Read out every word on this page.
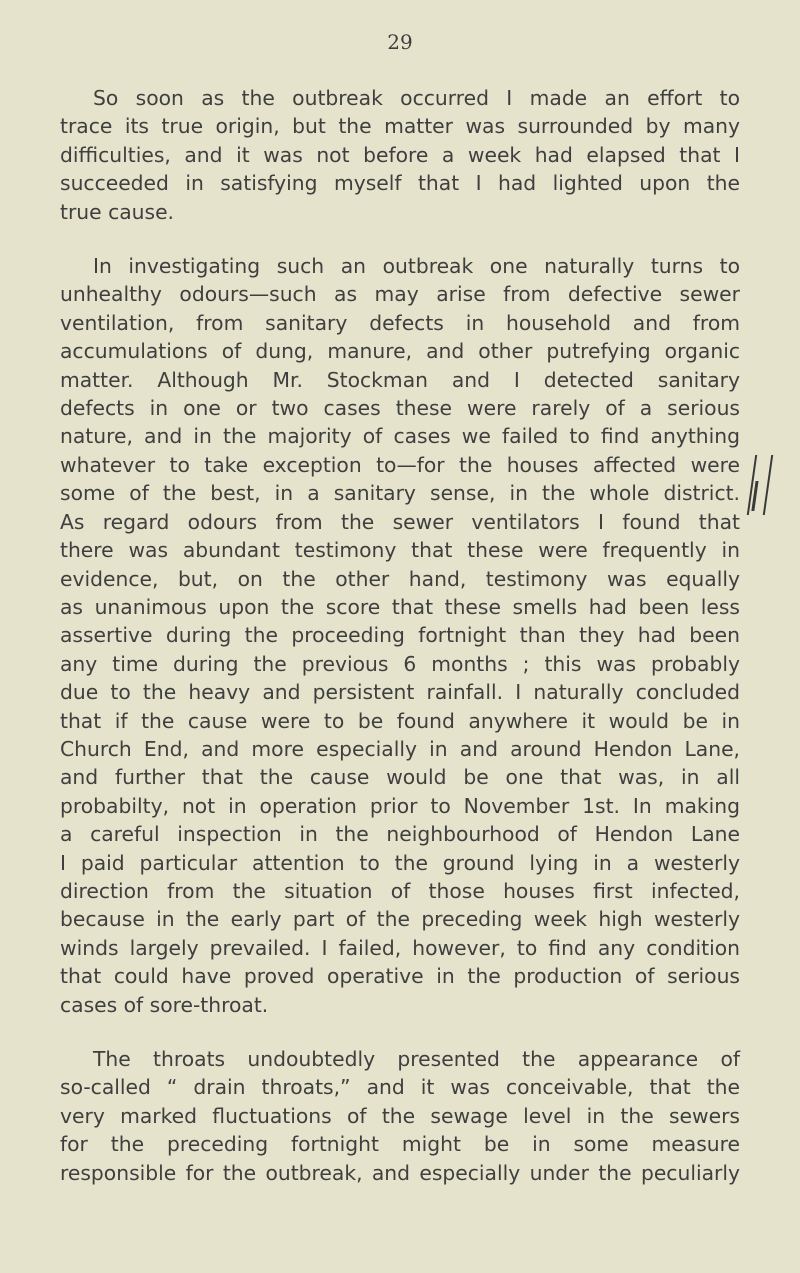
29

So soon as the outbreak occurred I made an effort to
trace its true origin, but the matter was surrounded by many
difficulties, and it was not before a week had elapsed that I
succeeded in satisfying myself that I had lighted upon the
true cause.

In investigating such an outbreak one naturally turns to
unhealthy odours—such as may arise from defective sewer
ventilation, from sanitary defects in household and from
accumulations of dung, manure, and other putrefying organic
matter. Although Mr. Stockman and I detected sanitary
defects in one or two cases these were rarely of a serious
nature, and in the majority of cases we failed to find anything
whatever to take exception to—for the houses affected were
some of the best, in a sanitary sense, in the whole district.
As regard odours from the sewer ventilators I found that
there was abundant testimony that these were frequently in
evidence, but, on the other hand, testimony was equally
as unanimous upon the score that these smells had been less
assertive during the proceeding fortnight than they had been
any time during the previous 6 months ; this was probably
due to the heavy and persistent rainfall. I naturally concluded
that if the cause were to be found anywhere it would be in
Church End, and more especially in and around Hendon Lane,
and further that the cause would be one that was, in all
probabilty, not in operation prior to November 1st. In making
a careful inspection in the neighbourhood of Hendon Lane
I paid particular attention to the ground lying in a westerly
direction from the situation of those houses first infected,
because in the early part of the preceding week high westerly
winds largely prevailed. I failed, however, to find any condition
that could have proved operative in the production of serious
cases of sore-throat.

The throats undoubtedly presented the appearance of
so-called “ drain throats,” and it was conceivable, that the
very marked fluctuations of the sewage level in the sewers
for the preceding fortnight might be in some measure
responsible for the outbreak, and especially under the peculiarly
